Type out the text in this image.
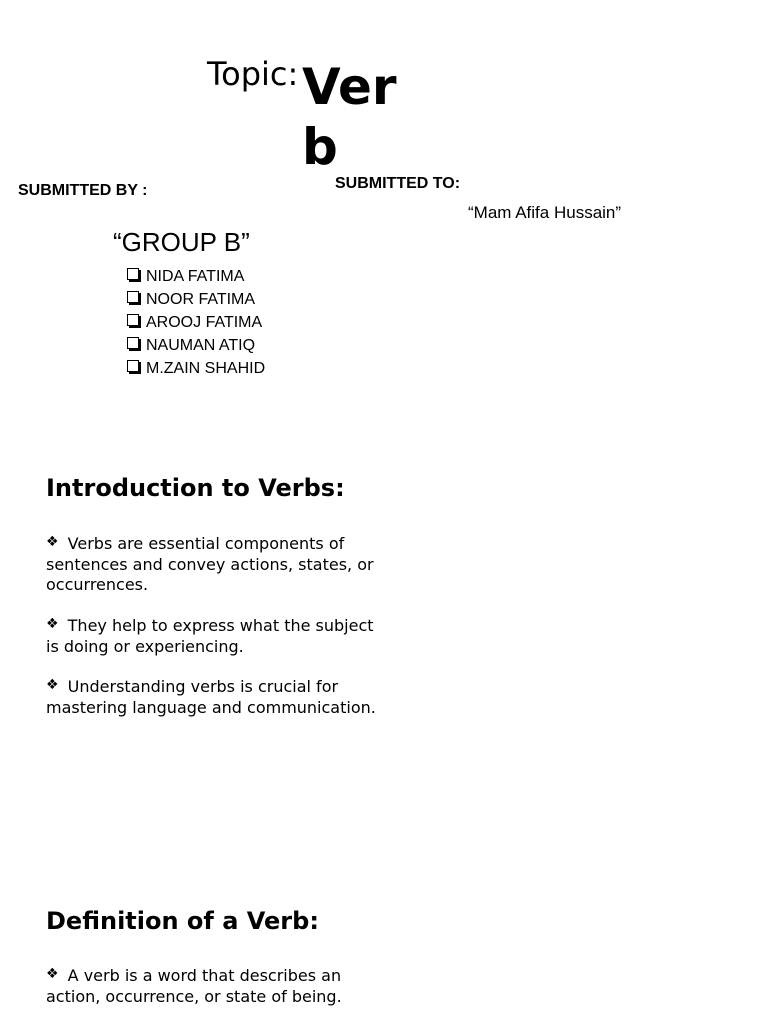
Topic: Verb
SUBMITTED BY :	SUBMITTED TO:
“Mam Afifa Hussain”
“GROUP B”
NIDA FATIMA
NOOR FATIMA
AROOJ FATIMA
NAUMAN ATIQ
M.ZAIN SHAHID
Introduction to Verbs:

❖ Verbs are essential components of sentences and convey actions, states, or occurrences.

❖ They help to express what the subject is doing or experiencing.

❖ Understanding verbs is crucial for mastering language and communication.

Definition of a Verb:

❖ A verb is a word that describes an action, occurrence, or state of being.
